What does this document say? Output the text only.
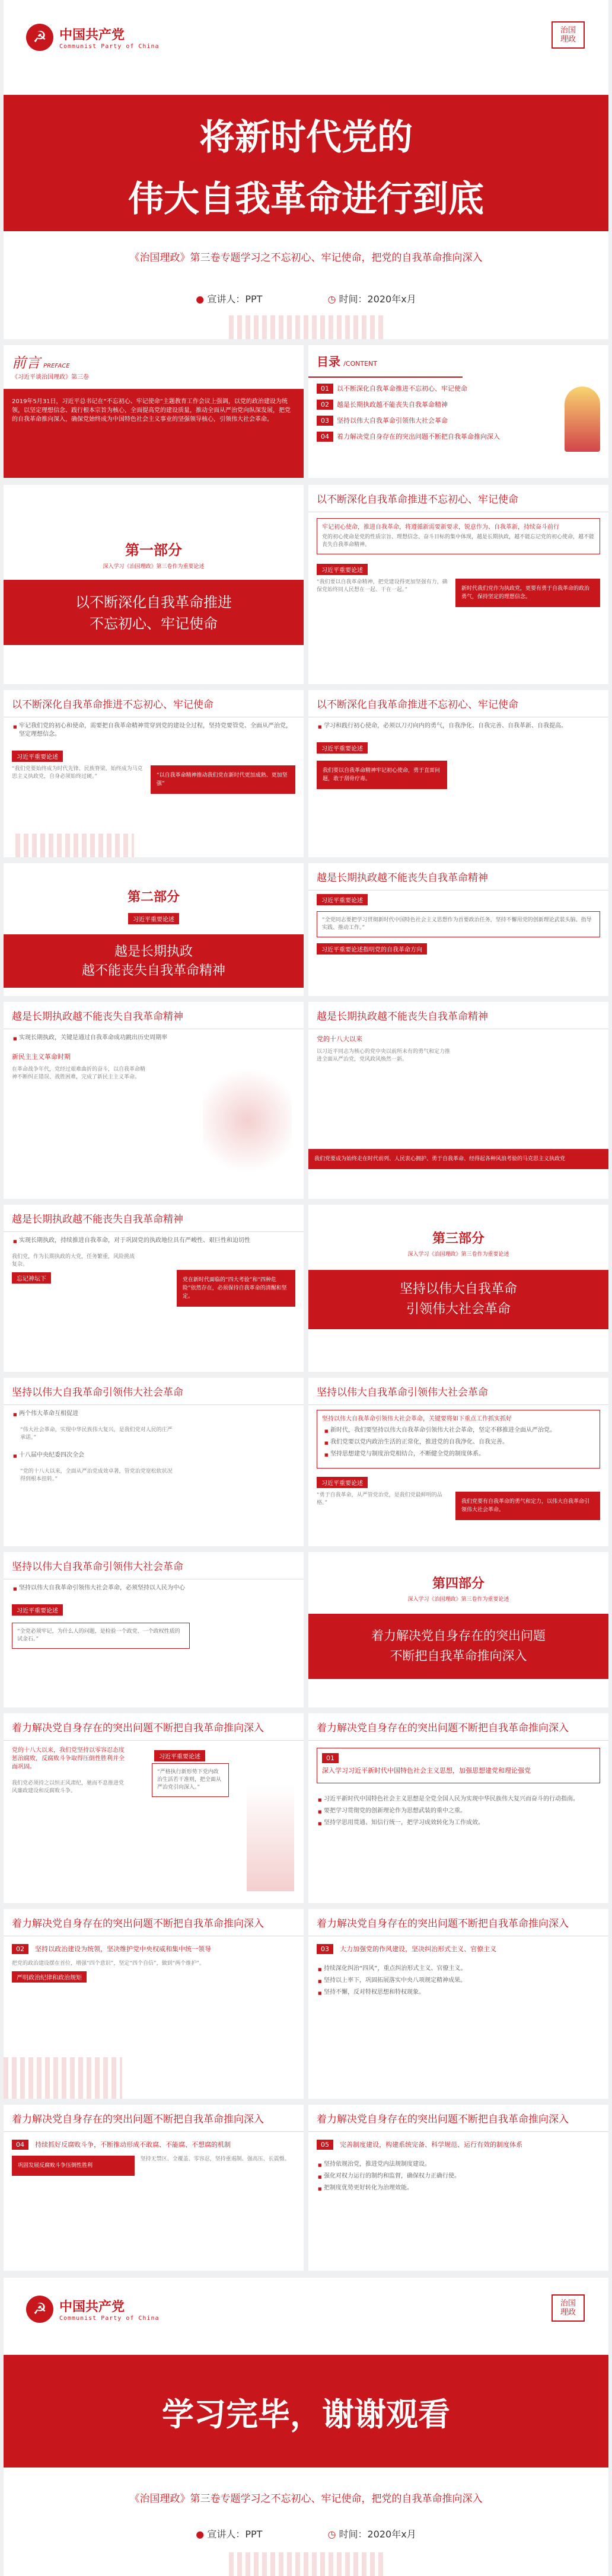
☭ 中国共产党
Communist Party of China
治国理政
将新时代党的
伟大自我革命进行到底
《治国理政》第三卷专题学习之不忘初心、牢记使命，把党的自我革命推向深入
● 宣讲人：PPT	◷ 时间：2020年x月
前言 PREFACE
《习近平谈治国理政》第三卷
2019年5月31日，习近平总书记在“不忘初心、牢记使命”主题教育工作会议上强调，以党的政治建设为统领，以坚定理想信念、践行根本宗旨为核心，全面提高党的建设质量，推动全面从严治党向纵深发展，把党的自我革命推向深入，确保党始终成为中国特色社会主义事业的坚强领导核心，引领伟大社会革命。
目录 /CONTENT
01 以不断深化自我革命推进不忘初心、牢记使命
02 越是长期执政越不能丧失自我革命精神
03 坚持以伟大自我革命引领伟大社会革命
04 着力解决党自身存在的突出问题不断把自我革命推向深入
第一部分
深入学习《治国理政》第三卷作为重要论述
以不断深化自我革命推进
不忘初心、牢记使命
以不断深化自我革命推进不忘初心、牢记使命
牢记初心使命，推进自我革命，将遵循新需要新要求，锐意作为、自我革新，持续奋斗前行
党的初心使命是党的性质宗旨、理想信念、奋斗目标的集中体现，越是长期执政，越不能忘记党的初心使命，越不能丧失自我革命精神。
习近平重要论述
“我们要以自我革命精神，把党建设得更加坚强有力，确保党始终同人民想在一起、干在一起。”	新时代我们党作为执政党，更要有勇于自我革命的政治勇气，保持坚定的理想信念。
以不断深化自我革命推进不忘初心、牢记使命
■ 牢记我们党的初心和使命，需要把自我革命精神贯穿到党的建设全过程，坚持党要管党、全面从严治党，坚定理想信念。
习近平重要论述
“我们党要始终成为时代先锋、民族脊梁，始终成为马克思主义执政党，自身必须始终过硬。”	“以自我革命精神推动我们党在新时代更加成熟、更加坚强”
以不断深化自我革命推进不忘初心、牢记使命
■ 学习和践行初心使命，必须以刀刃向内的勇气，自我净化、自我完善、自我革新、自我提高。
习近平重要论述
我们要以自我革命精神牢记初心使命，勇于直面问题，敢于刮骨疗毒。
第二部分
习近平重要论述
越是长期执政
越不能丧失自我革命精神
越是长期执政越不能丧失自我革命精神
习近平重要论述
“全党同志要把学习贯彻新时代中国特色社会主义思想作为首要政治任务，坚持不懈用党的创新理论武装头脑、指导实践、推动工作。”
习近平重要论述指明党的自我革命方向
越是长期执政越不能丧失自我革命精神
■ 实现长期执政，关键是通过自我革命成功跳出历史周期率
新民主主义革命时期
在革命战争年代，党经过艰难曲折的奋斗，以自我革命精神不断纠正错误、战胜困难，完成了新民主主义革命。
越是长期执政越不能丧失自我革命精神
党的十八大以来
以习近平同志为核心的党中央以前所未有的勇气和定力推进全面从严治党，党风政风焕然一新。
我们党要成为始终走在时代前列、人民衷心拥护、勇于自我革命、经得起各种风浪考验的马克思主义执政党
越是长期执政越不能丧失自我革命精神
■ 实现长期执政，持续推进自我革命，对于巩固党的执政地位具有严峻性、艰巨性和迫切性
我们党，作为长期执政的大党，任务繁重，风险挑战复杂。
忘记神坛下	党在新时代面临的“四大考验”和“四种危险”依然存在，必须保持自我革命的清醒和坚定。
第三部分
深入学习《治国理政》第三卷作为重要论述
坚持以伟大自我革命
引领伟大社会革命
坚持以伟大自我革命引领伟大社会革命
■ 两个伟大革命互相促进
“伟大社会革命，实现中华民族伟大复兴，是我们党对人民的庄严承诺。”
■ 十八届中央纪委四次全会
“党的十八大以来，全面从严治党成效卓著，管党治党宽松软状况得到根本扭转。”
坚持以伟大自我革命引领伟大社会革命
坚持以伟大自我革命引领伟大社会革命，关键要将如下重点工作抓实抓好
■ 新时代，我们要坚持以伟大自我革命引领伟大社会革命，坚定不移推进全面从严治党。
■ 我们党要以党内政治生活的正常化，推进党的自我净化、自我完善。
■ 坚持思想建党与制度治党相结合，不断健全党的制度体系。
习近平重要论述
“勇于自我革命，从严管党治党，是我们党最鲜明的品格。”	我们党要有自我革命的勇气和定力，以伟大自我革命引领伟大社会革命。
坚持以伟大自我革命引领伟大社会革命
■ 坚持以伟大自我革命引领伟大社会革命，必须坚持以人民为中心
习近平重要论述
“全党必须牢记，为什么人的问题，是检验一个政党、一个政权性质的试金石。”
第四部分
深入学习《治国理政》第三卷作为重要论述
着力解决党自身存在的突出问题
不断把自我革命推向深入
着力解决党自身存在的突出问题不断把自我革命推向深入
党的十八大以来，我们党坚持以零容忍态度惩治腐败，反腐败斗争取得压倒性胜利并全面巩固。
习近平重要论述
“严格执行新形势下党内政治生活若干准则，把全面从严治党引向深入。”
我们党必须持之以恒正风肃纪，驰而不息推进党风廉政建设和反腐败斗争。
着力解决党自身存在的突出问题不断把自我革命推向深入
01
深入学习习近平新时代中国特色社会主义思想，加强思想建党和理论强党
■ 习近平新时代中国特色社会主义思想是全党全国人民为实现中华民族伟大复兴而奋斗的行动指南。
■ 要把学习贯彻党的创新理论作为思想武装的重中之重。
■ 坚持学思用贯通、知信行统一，把学习成效转化为工作成效。
着力解决党自身存在的突出问题不断把自我革命推向深入
02 坚持以政治建设为统领，坚决维护党中央权威和集中统一领导
把党的政治建设摆在首位，增强“四个意识”，坚定“四个自信”，做到“两个维护”。
严明政治纪律和政治规矩
着力解决党自身存在的突出问题不断把自我革命推向深入
03 大力加强党的作风建设，坚决纠治形式主义、官僚主义
■ 持续深化纠治“四风”，重点纠治形式主义、官僚主义。
■ 坚持以上率下，巩固拓展落实中央八项规定精神成果。
■ 坚持不懈，反对特权思想和特权现象。
着力解决党自身存在的突出问题不断把自我革命推向深入
04 持续抓好反腐败斗争，不断推动形成不敢腐、不能腐、不想腐的机制
巩固发展反腐败斗争压倒性胜利
坚持无禁区、全覆盖、零容忍，坚持重遏制、强高压、长震慑。
着力解决党自身存在的突出问题不断把自我革命推向深入
05 完善制度建设，构建系统完备、科学规范、运行有效的制度体系
■ 坚持依规治党，推进党内法规制度建设。
■ 强化对权力运行的制约和监督，确保权力正确行使。
■ 把制度优势更好转化为治理效能。
☭ 中国共产党
Communist Party of China
治国理政
学习完毕，谢谢观看
《治国理政》第三卷专题学习之不忘初心、牢记使命，把党的自我革命推向深入
● 宣讲人：PPT	◷ 时间：2020年x月
